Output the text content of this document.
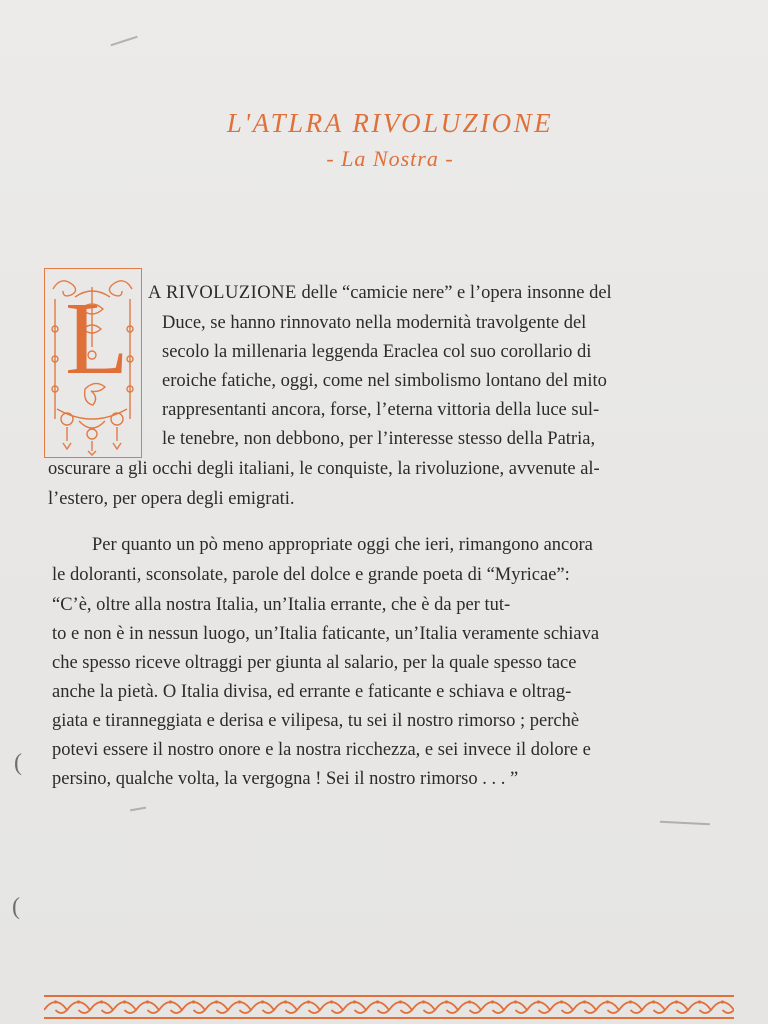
L'ATLRA RIVOLUZIONE
- La Nostra -
L A RIVOLUZIONE delle “camicie nere” e l’opera insonne del
Duce, se hanno rinnovato nella modernità travolgente del
secolo la millenaria leggenda Eraclea col suo corollario di
eroiche fatiche, oggi, come nel simbolismo lontano del mito
rappresentanti ancora, forse, l’eterna vittoria della luce sul-
le tenebre, non debbono, per l’interesse stesso della Patria,
oscurare a gli occhi degli italiani, le conquiste, la rivoluzione, avvenute al-
l’estero, per opera degli emigrati.
Per quanto un pò meno appropriate oggi che ieri, rimangono ancora
le doloranti, sconsolate, parole del dolce e grande poeta di “Myricae”:
“C’è, oltre alla nostra Italia, un’Italia errante, che è da per tut-
to e non è in nessun luogo, un’Italia faticante, un’Italia veramente schiava
che spesso riceve oltraggi per giunta al salario, per la quale spesso tace
anche la pietà. O Italia divisa, ed errante e faticante e schiava e oltrag-
giata e tiranneggiata e derisa e vilipesa, tu sei il nostro rimorso ; perchè
potevi essere il nostro onore e la nostra ricchezza, e sei invece il dolore e
persino, qualche volta, la vergogna ! Sei il nostro rimorso . . . ”
(
(
